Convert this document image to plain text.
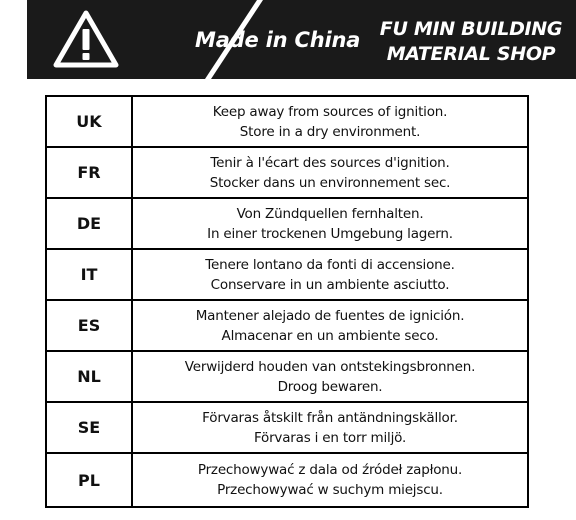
Made in China	FU MIN BUILDING
MATERIAL SHOP
UK
Keep away from sources of ignition.
Store in a dry environment.
FR
Tenir à l'écart des sources d'ignition.
Stocker dans un environnement sec.
DE
Von Zündquellen fernhalten.
In einer trockenen Umgebung lagern.
IT
Tenere lontano da fonti di accensione.
Conservare in un ambiente asciutto.
ES
Mantener alejado de fuentes de ignición.
Almacenar en un ambiente seco.
NL
Verwijderd houden van ontstekingsbronnen.
Droog bewaren.
SE
Förvaras åtskilt från antändningskällor.
Förvaras i en torr miljö.
PL
Przechowywać z dala od źródeł zapłonu.
Przechowywać w suchym miejscu.
